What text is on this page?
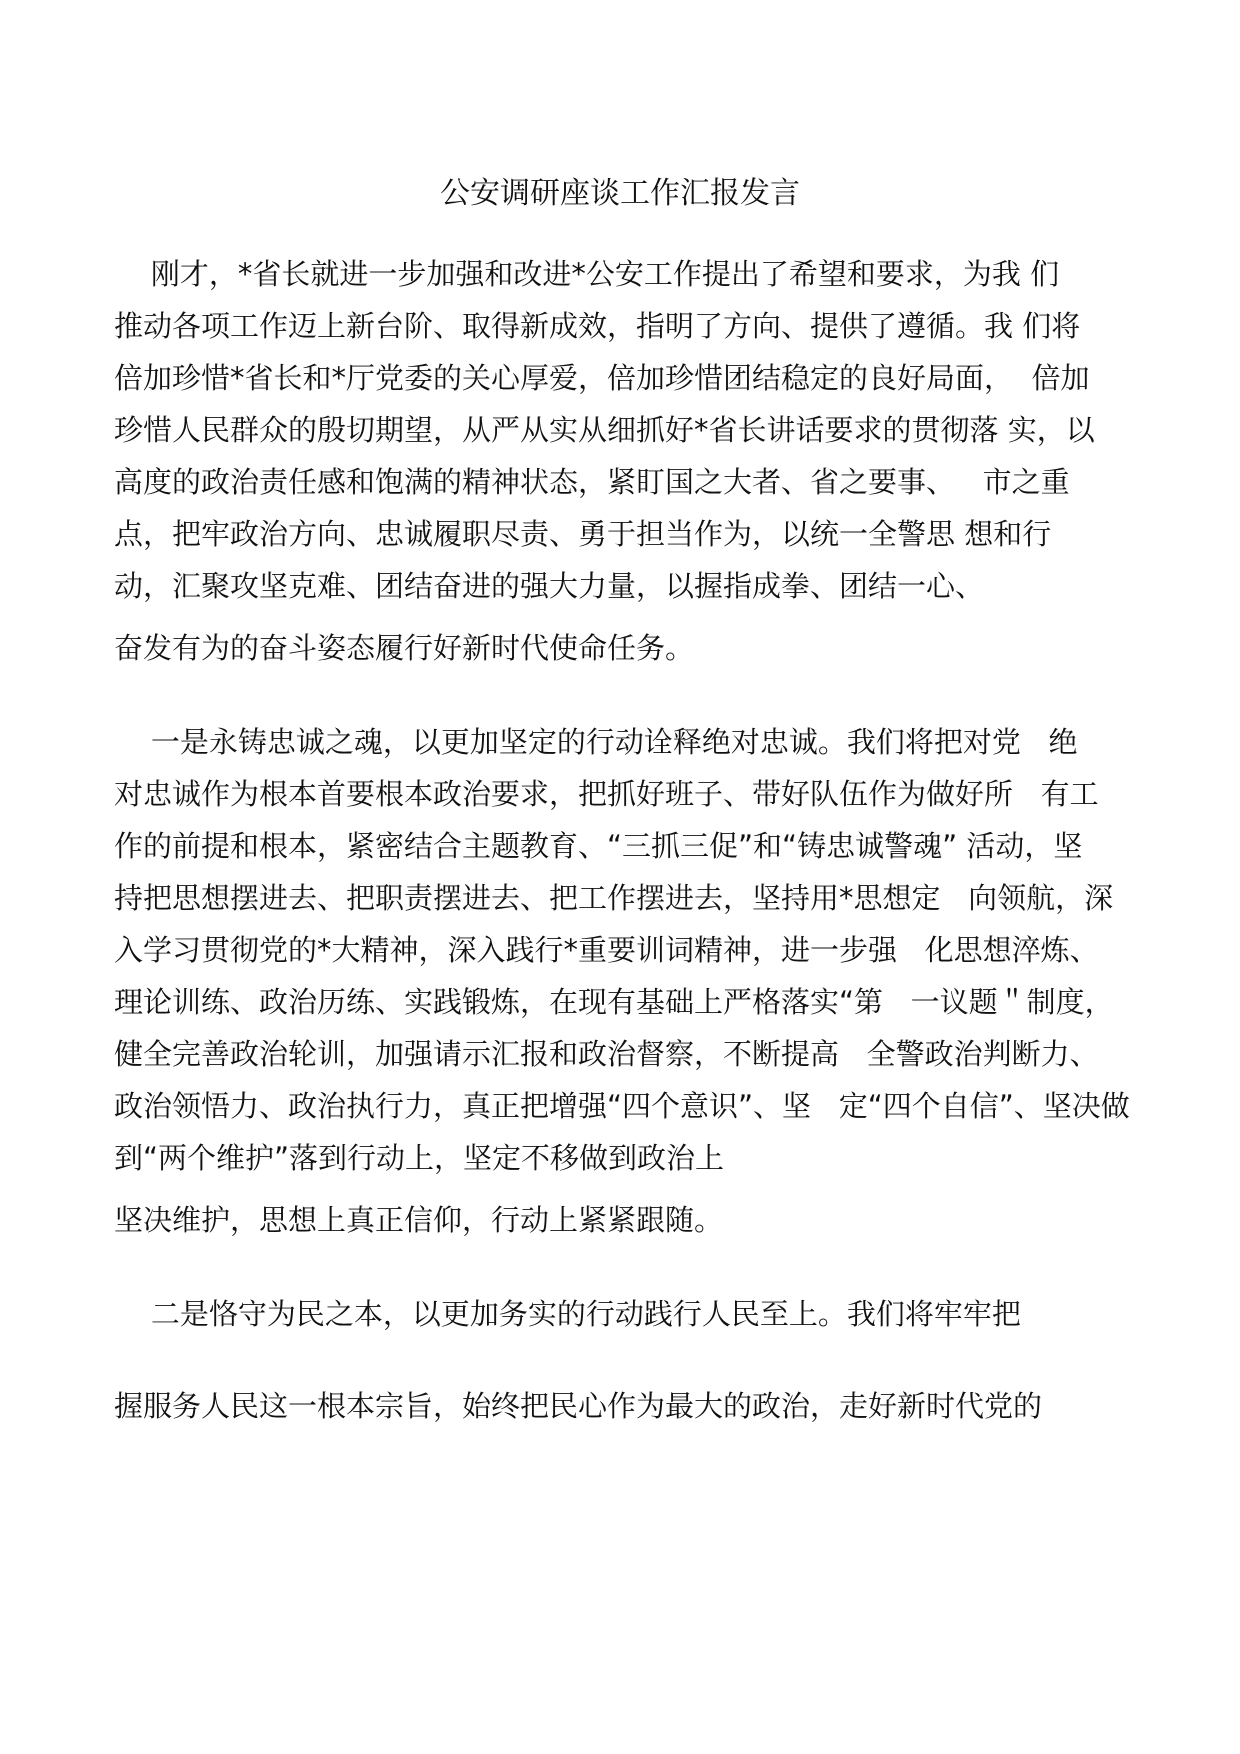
公安调研座谈工作汇报发言
刚才，*省长就进一步加强和改进*公安工作提出了希望和要求，为我 们
推动各项工作迈上新台阶、取得新成效，指明了方向、提供了遵循。我 们将
倍加珍惜*省长和*厅党委的关心厚爱，倍加珍惜团结稳定的良好局面，  倍加
珍惜人民群众的殷切期望，从严从实从细抓好*省长讲话要求的贯彻落 实，以
高度的政治责任感和饱满的精神状态，紧盯国之大者、省之要事、   市之重
点，把牢政治方向、忠诚履职尽责、勇于担当作为，以统一全警思 想和行
动，汇聚攻坚克难、团结奋进的强大力量，以握指成拳、团结一心、
奋发有为的奋斗姿态履行好新时代使命任务。
一是永铸忠诚之魂，以更加坚定的行动诠释绝对忠诚。我们将把对党   绝
对忠诚作为根本首要根本政治要求，把抓好班子、带好队伍作为做好所   有工
作的前提和根本，紧密结合主题教育、“三抓三促”和“铸忠诚警魂” 活动，坚
持把思想摆进去、把职责摆进去、把工作摆进去，坚持用*思想定   向领航，深
入学习贯彻党的*大精神，深入践行*重要训词精神，进一步强   化思想淬炼、
理论训练、政治历练、实践锻炼，在现有基础上严格落实“第   一议题＂制度，
健全完善政治轮训，加强请示汇报和政治督察，不断提高   全警政治判断力、
政治领悟力、政治执行力，真正把增强“四个意识”、坚   定“四个自信”、坚决做
到“两个维护”落到行动上，坚定不移做到政治上
坚决维护，思想上真正信仰，行动上紧紧跟随。
二是恪守为民之本，以更加务实的行动践行人民至上。我们将牢牢把
握服务人民这一根本宗旨，始终把民心作为最大的政治，走好新时代党的
